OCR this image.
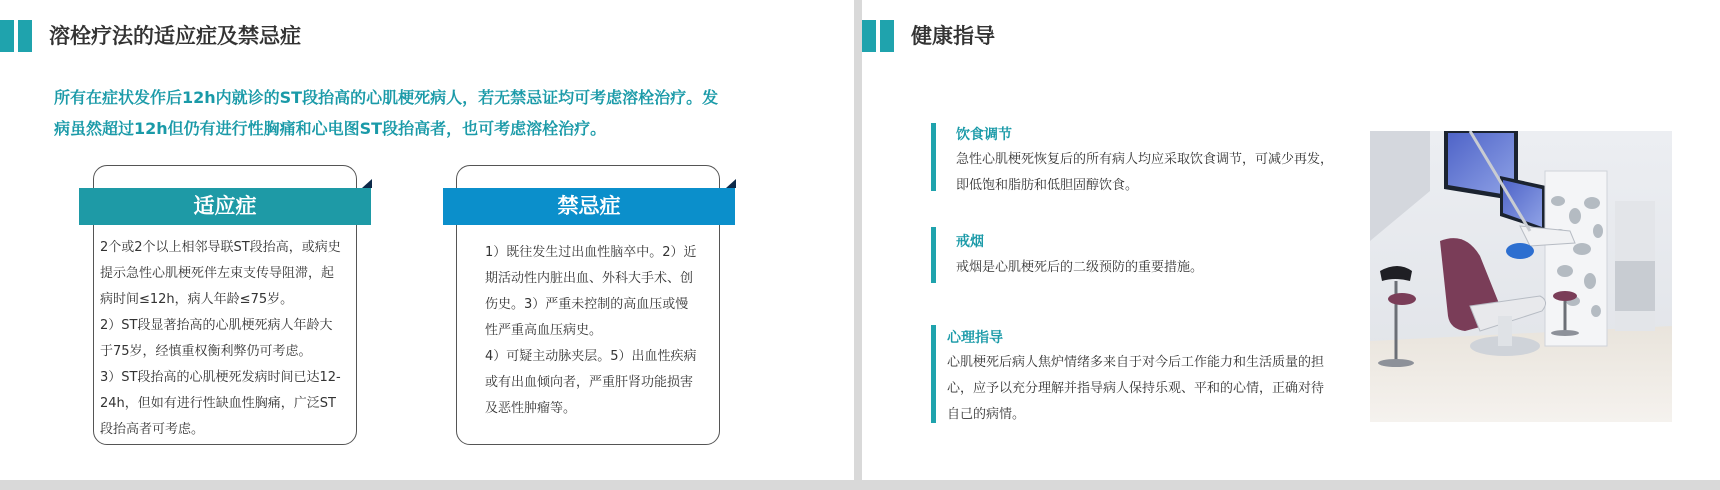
溶栓疗法的适应症及禁忌症
所有在症状发作后12h内就诊的ST段抬高的心肌梗死病人，若无禁忌证均可考虑溶栓治疗。发
病虽然超过12h但仍有进行性胸痛和心电图ST段抬高者，也可考虑溶栓治疗。
适应症

2个或2个以上相邻导联ST段抬高，或病史提示急性心肌梗死伴左束支传导阻滞，起病时间≤12h，病人年龄≤75岁。

2）ST段显著抬高的心肌梗死病人年龄大于75岁，经慎重权衡利弊仍可考虑。

3）ST段抬高的心肌梗死发病时间已达12-24h，但如有进行性缺血性胸痛，广泛ST段抬高者可考虑。

禁忌症

1）既往发生过出血性脑卒中。2）近期活动性内脏出血、外科大手术、创伤史。3）严重未控制的高血压或慢性严重高血压病史。

4）可疑主动脉夹层。5）出血性疾病或有出血倾向者，严重肝肾功能损害及恶性肿瘤等。

健康指导
饮食调节
急性心肌梗死恢复后的所有病人均应采取饮食调节，可减少再发，即低饱和脂肪和低胆固醇饮食。
戒烟
戒烟是心肌梗死后的二级预防的重要措施。
心理指导
心肌梗死后病人焦炉情绪多来自于对今后工作能力和生活质量的担心，应予以充分理解并指导病人保持乐观、平和的心情，正确对待自己的病情。
